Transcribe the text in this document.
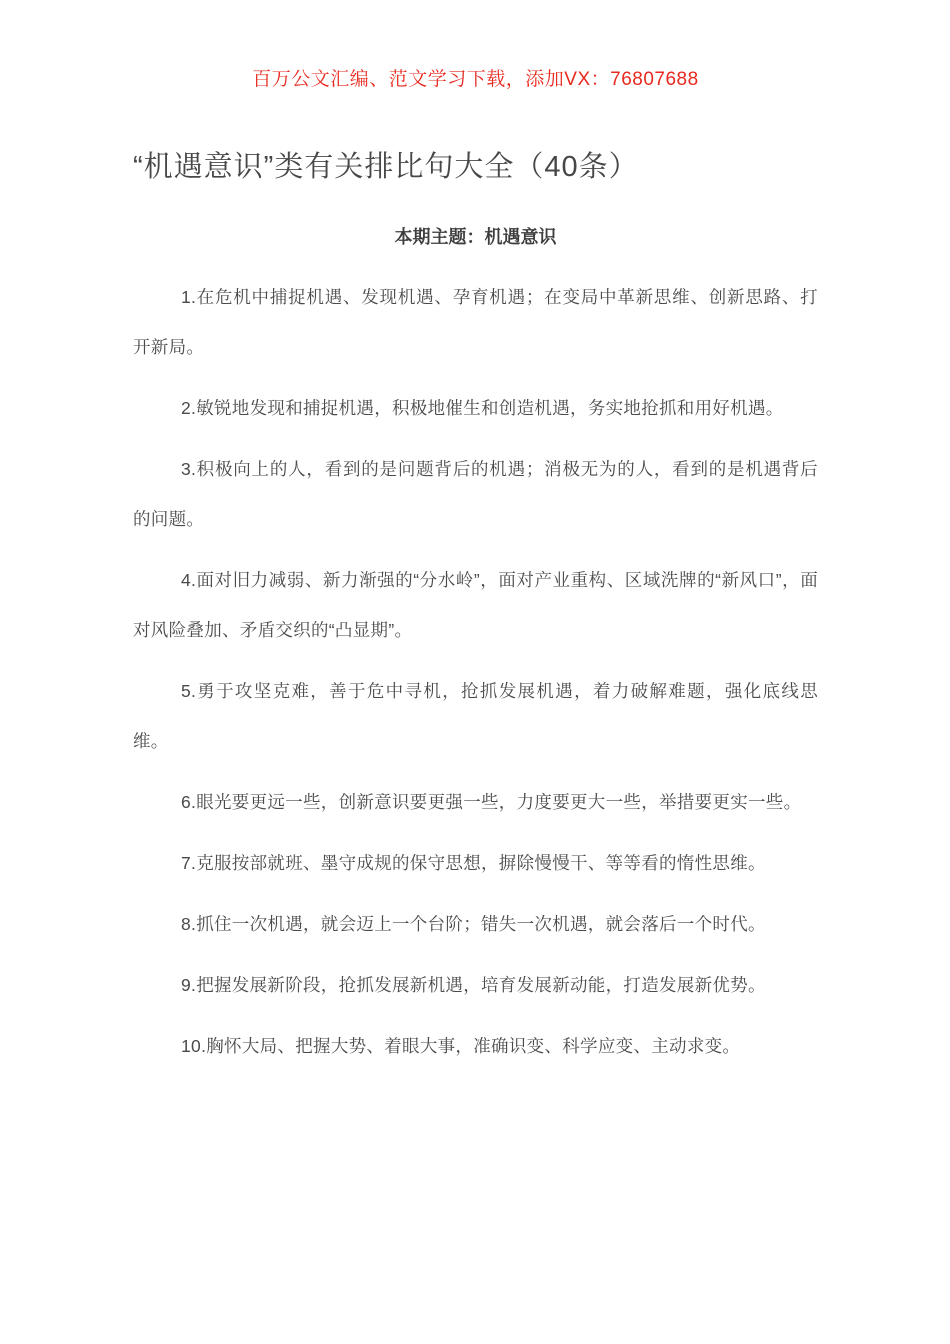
百万公文汇编、范文学习下载，添加VX：76807688
“机遇意识”类有关排比句大全（40条）
本期主题：机遇意识

1.在危机中捕捉机遇、发现机遇、孕育机遇；在变局中革新思维、创新思路、打开新局。

2.敏锐地发现和捕捉机遇，积极地催生和创造机遇，务实地抢抓和用好机遇。

3.积极向上的人，看到的是问题背后的机遇；消极无为的人，看到的是机遇背后的问题。

4.面对旧力减弱、新力渐强的“分水岭”，面对产业重构、区域洗牌的“新风口”，面对风险叠加、矛盾交织的“凸显期”。

5.勇于攻坚克难，善于危中寻机，抢抓发展机遇，着力破解难题，强化底线思维。

6.眼光要更远一些，创新意识要更强一些，力度要更大一些，举措要更实一些。

7.克服按部就班、墨守成规的保守思想，摒除慢慢干、等等看的惰性思维。

8.抓住一次机遇，就会迈上一个台阶；错失一次机遇，就会落后一个时代。

9.把握发展新阶段，抢抓发展新机遇，培育发展新动能，打造发展新优势。

10.胸怀大局、把握大势、着眼大事，准确识变、科学应变、主动求变。
